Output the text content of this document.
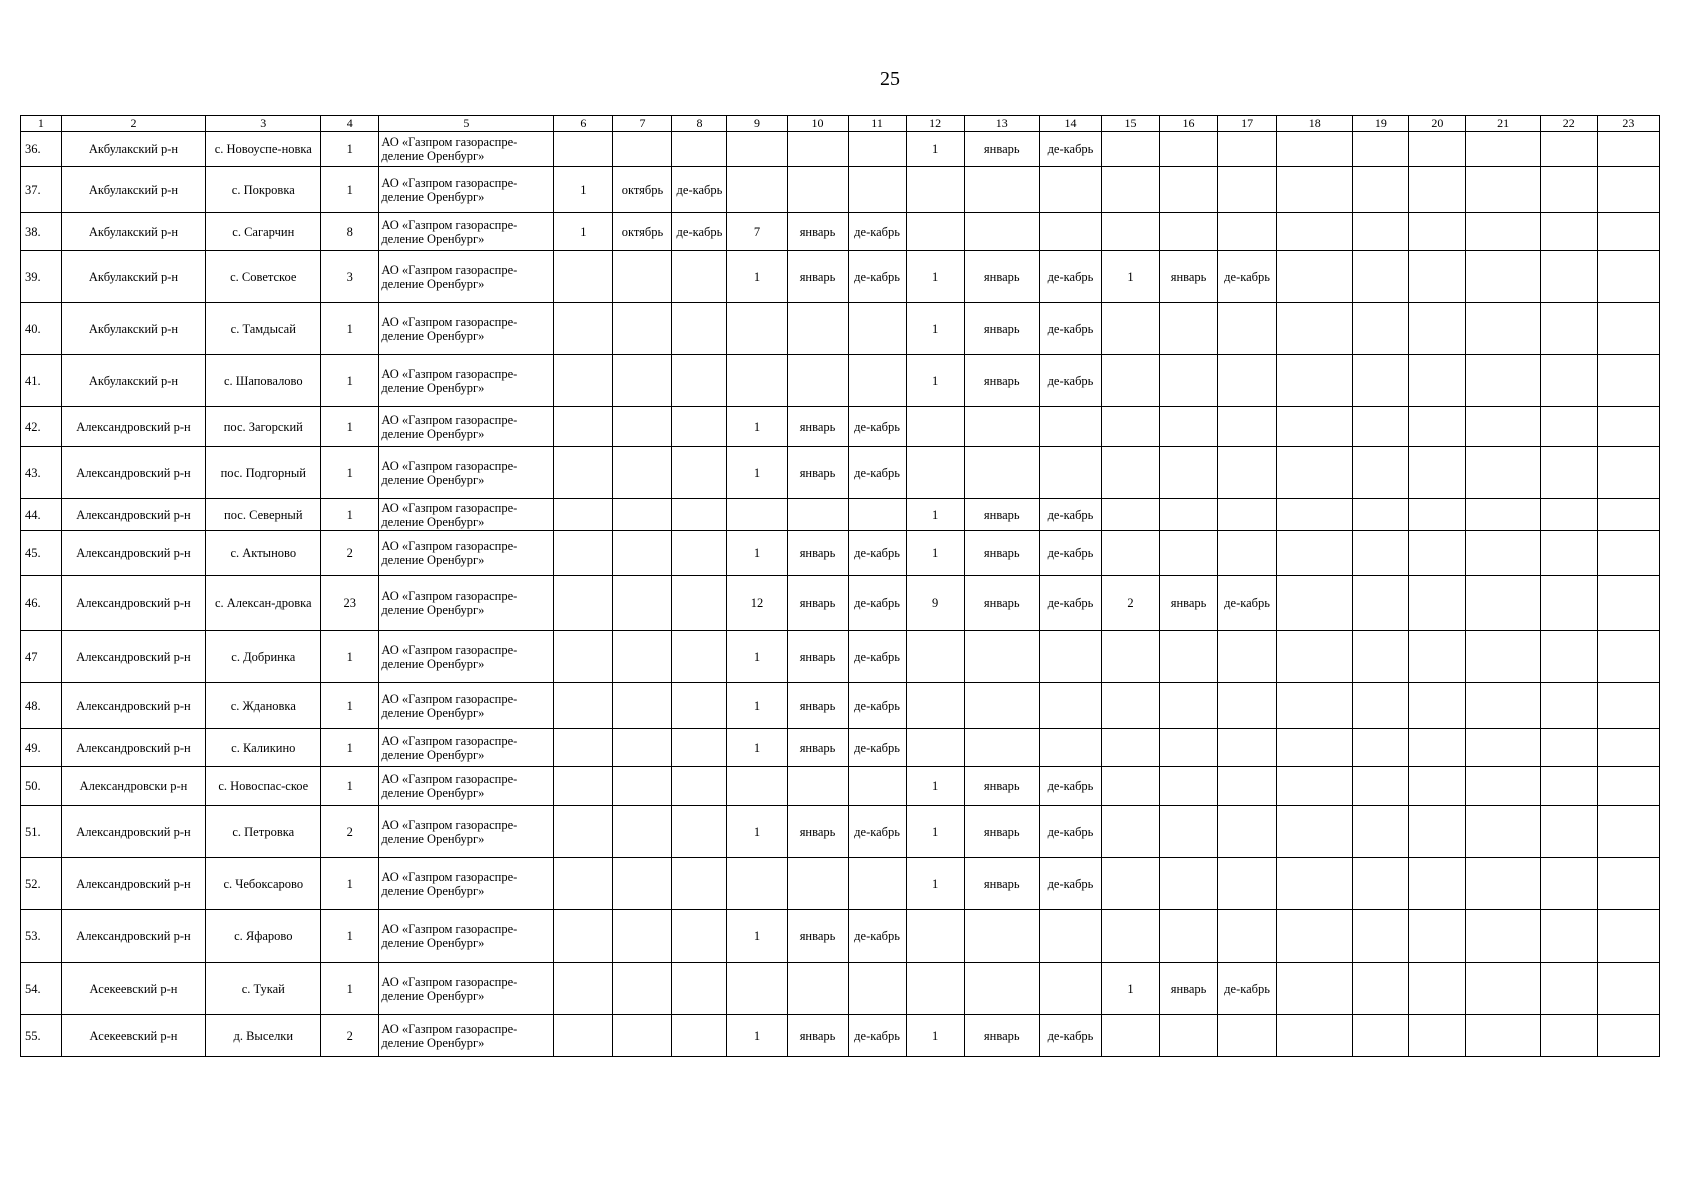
25
1	2	3	4	5	6	7	8	9	10	11	12	13	14	15	16	17	18	19	20	21	22	23
36.	Акбулакский р-н	с. Новоуспе-новка	1	АО «Газпром газораспре-деление Оренбург»							1	январь	де-кабрь									
37.	Акбулакский р-н	с. Покровка	1	АО «Газпром газораспре-деление Оренбург»	1	октябрь	де-кабрь															
38.	Акбулакский р-н	с. Сагарчин	8	АО «Газпром газораспре-деление Оренбург»	1	октябрь	де-кабрь	7	январь	де-кабрь												
39.	Акбулакский р-н	с. Советское	3	АО «Газпром газораспре-деление Оренбург»				1	январь	де-кабрь	1	январь	де-кабрь	1	январь	де-кабрь						
40.	Акбулакский р-н	с. Тамдысай	1	АО «Газпром газораспре-деление Оренбург»							1	январь	де-кабрь									
41.	Акбулакский р-н	с. Шаповалово	1	АО «Газпром газораспре-деление Оренбург»							1	январь	де-кабрь									
42.	Александровский р-н	пос. Загорский	1	АО «Газпром газораспре-деление Оренбург»				1	январь	де-кабрь												
43.	Александровский р-н	пос. Подгорный	1	АО «Газпром газораспре-деление Оренбург»				1	январь	де-кабрь												
44.	Александровский р-н	пос. Северный	1	АО «Газпром газораспре-деление Оренбург»							1	январь	де-кабрь									
45.	Александровский р-н	с. Актыново	2	АО «Газпром газораспре-деление Оренбург»				1	январь	де-кабрь	1	январь	де-кабрь									
46.	Александровский р-н	с. Алексан-дровка	23	АО «Газпром газораспре-деление Оренбург»				12	январь	де-кабрь	9	январь	де-кабрь	2	январь	де-кабрь						
47	Александровский р-н	с. Добринка	1	АО «Газпром газораспре-деление Оренбург»				1	январь	де-кабрь												
48.	Александровский р-н	с. Ждановка	1	АО «Газпром газораспре-деление Оренбург»				1	январь	де-кабрь												
49.	Александровский р-н	с. Каликино	1	АО «Газпром газораспре-деление Оренбург»				1	январь	де-кабрь												
50.	Александровски р-н	с. Новоспас-ское	1	АО «Газпром газораспре-деление Оренбург»							1	январь	де-кабрь									
51.	Александровский р-н	с. Петровка	2	АО «Газпром газораспре-деление Оренбург»				1	январь	де-кабрь	1	январь	де-кабрь									
52.	Александровский р-н	с. Чебоксарово	1	АО «Газпром газораспре-деление Оренбург»							1	январь	де-кабрь									
53.	Александровский р-н	с. Яфарово	1	АО «Газпром газораспре-деление Оренбург»				1	январь	де-кабрь												
54.	Асекеевский р-н	с. Тукай	1	АО «Газпром газораспре-деление Оренбург»										1	январь	де-кабрь						
55.	Асекеевский р-н	д. Выселки	2	АО «Газпром газораспре-деление Оренбург»				1	январь	де-кабрь	1	январь	де-кабрь									
